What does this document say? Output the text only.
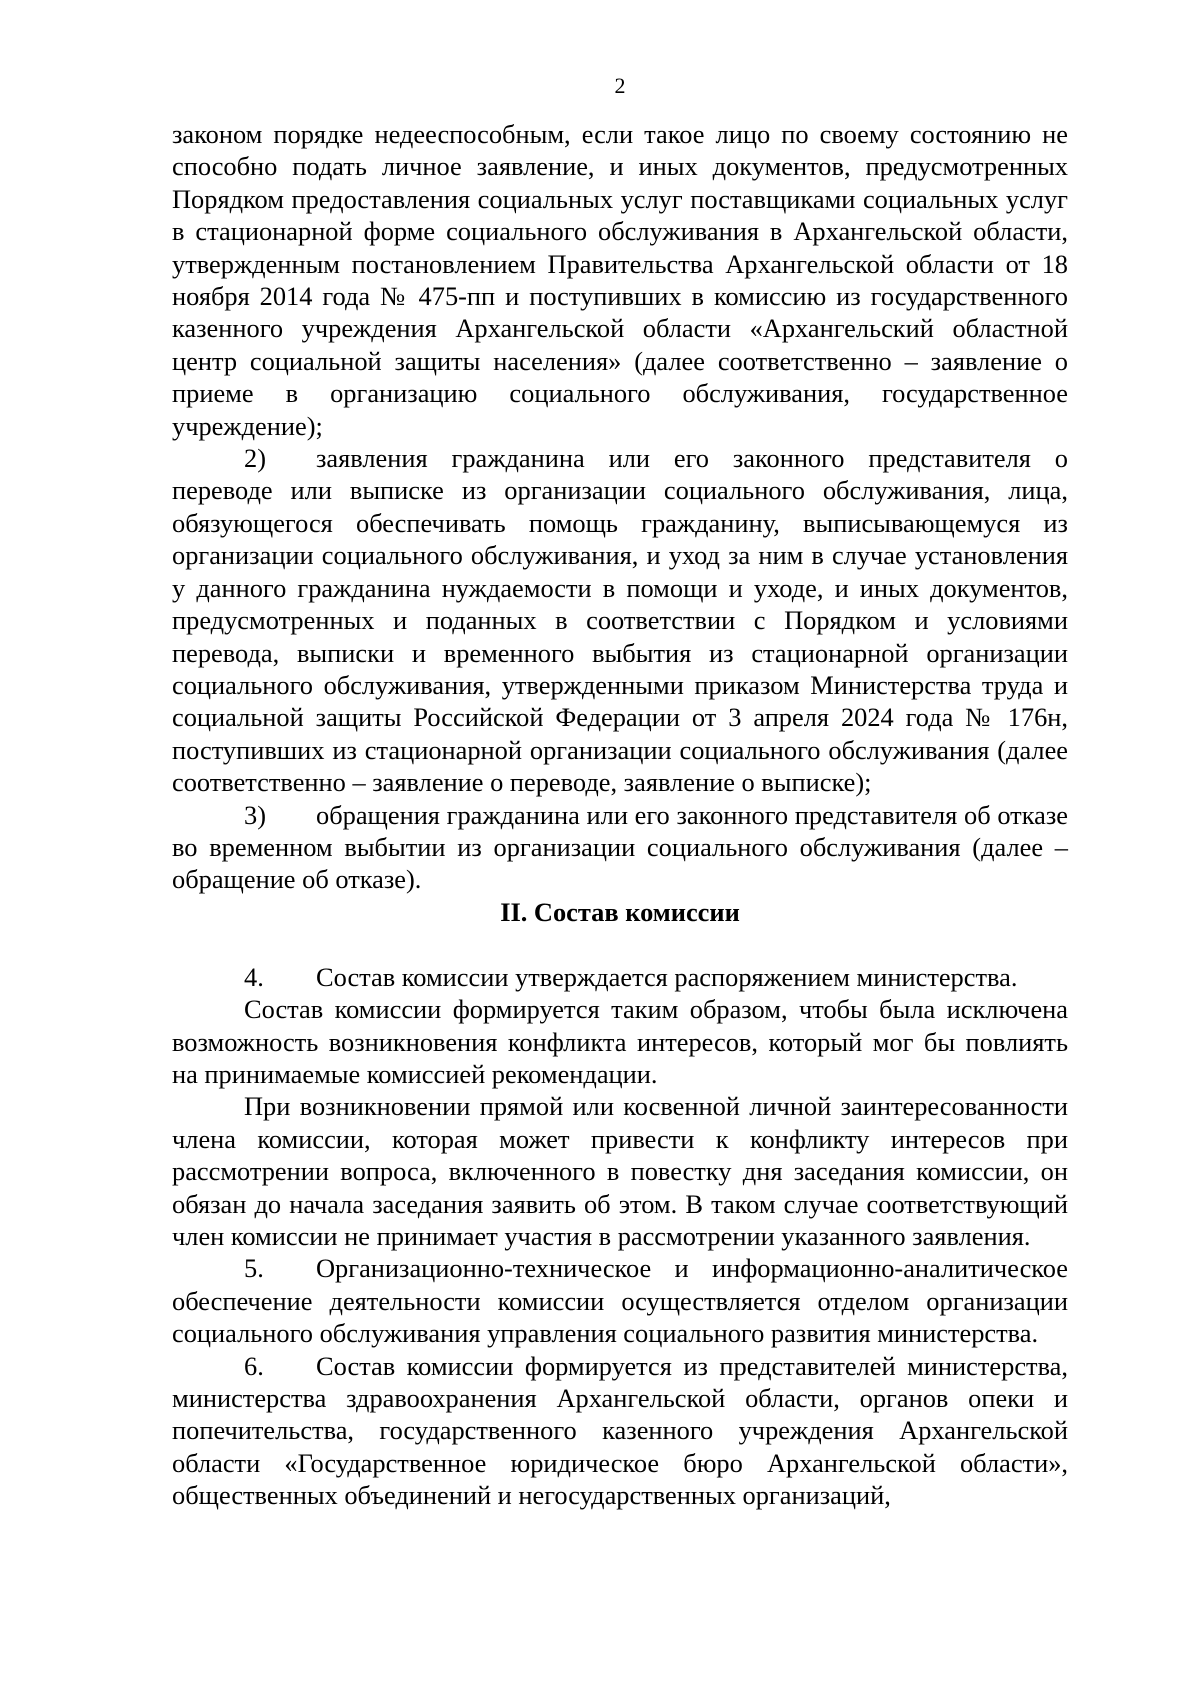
2

законом порядке недееспособным, если такое лицо по своему состоянию не способно подать личное заявление, и иных документов, предусмотренных Порядком предоставления социальных услуг поставщиками социальных услуг в стационарной форме социального обслуживания в Архангельской области, утвержденным постановлением Правительства Архангельской области от 18 ноября 2014 года № 475-пп и поступивших в комиссию из государственного казенного учреждения Архангельской области «Архангельский областной центр социальной защиты населения» (далее соответственно – заявление о приеме в организацию социального обслуживания, государственное учреждение);

2) заявления гражданина или его законного представителя о переводе или выписке из организации социального обслуживания, лица, обязующегося обеспечивать помощь гражданину, выписывающемуся из организации социального обслуживания, и уход за ним в случае установления у данного гражданина нуждаемости в помощи и уходе, и иных документов, предусмотренных и поданных в соответствии с Порядком и условиями перевода, выписки и временного выбытия из стационарной организации социального обслуживания, утвержденными приказом Министерства труда и социальной защиты Российской Федерации от 3 апреля 2024 года № 176н, поступивших из стационарной организации социального обслуживания (далее соответственно – заявление о переводе, заявление о выписке);

3) обращения гражданина или его законного представителя об отказе во временном выбытии из организации социального обслуживания (далее – обращение об отказе).

II. Состав комиссии

4. Состав комиссии утверждается распоряжением министерства.

Состав комиссии формируется таким образом, чтобы была исключена возможность возникновения конфликта интересов, который мог бы повлиять на принимаемые комиссией рекомендации.

При возникновении прямой или косвенной личной заинтересованности члена комиссии, которая может привести к конфликту интересов при рассмотрении вопроса, включенного в повестку дня заседания комиссии, он обязан до начала заседания заявить об этом. В таком случае соответствующий член комиссии не принимает участия в рассмотрении указанного заявления.

5. Организационно-техническое и информационно-аналитическое обеспечение деятельности комиссии осуществляется отделом организации социального обслуживания управления социального развития министерства.

6. Состав комиссии формируется из представителей министерства, министерства здравоохранения Архангельской области, органов опеки и попечительства, государственного казенного учреждения Архангельской области «Государственное юридическое бюро Архангельской области», общественных объединений и негосударственных организаций,
